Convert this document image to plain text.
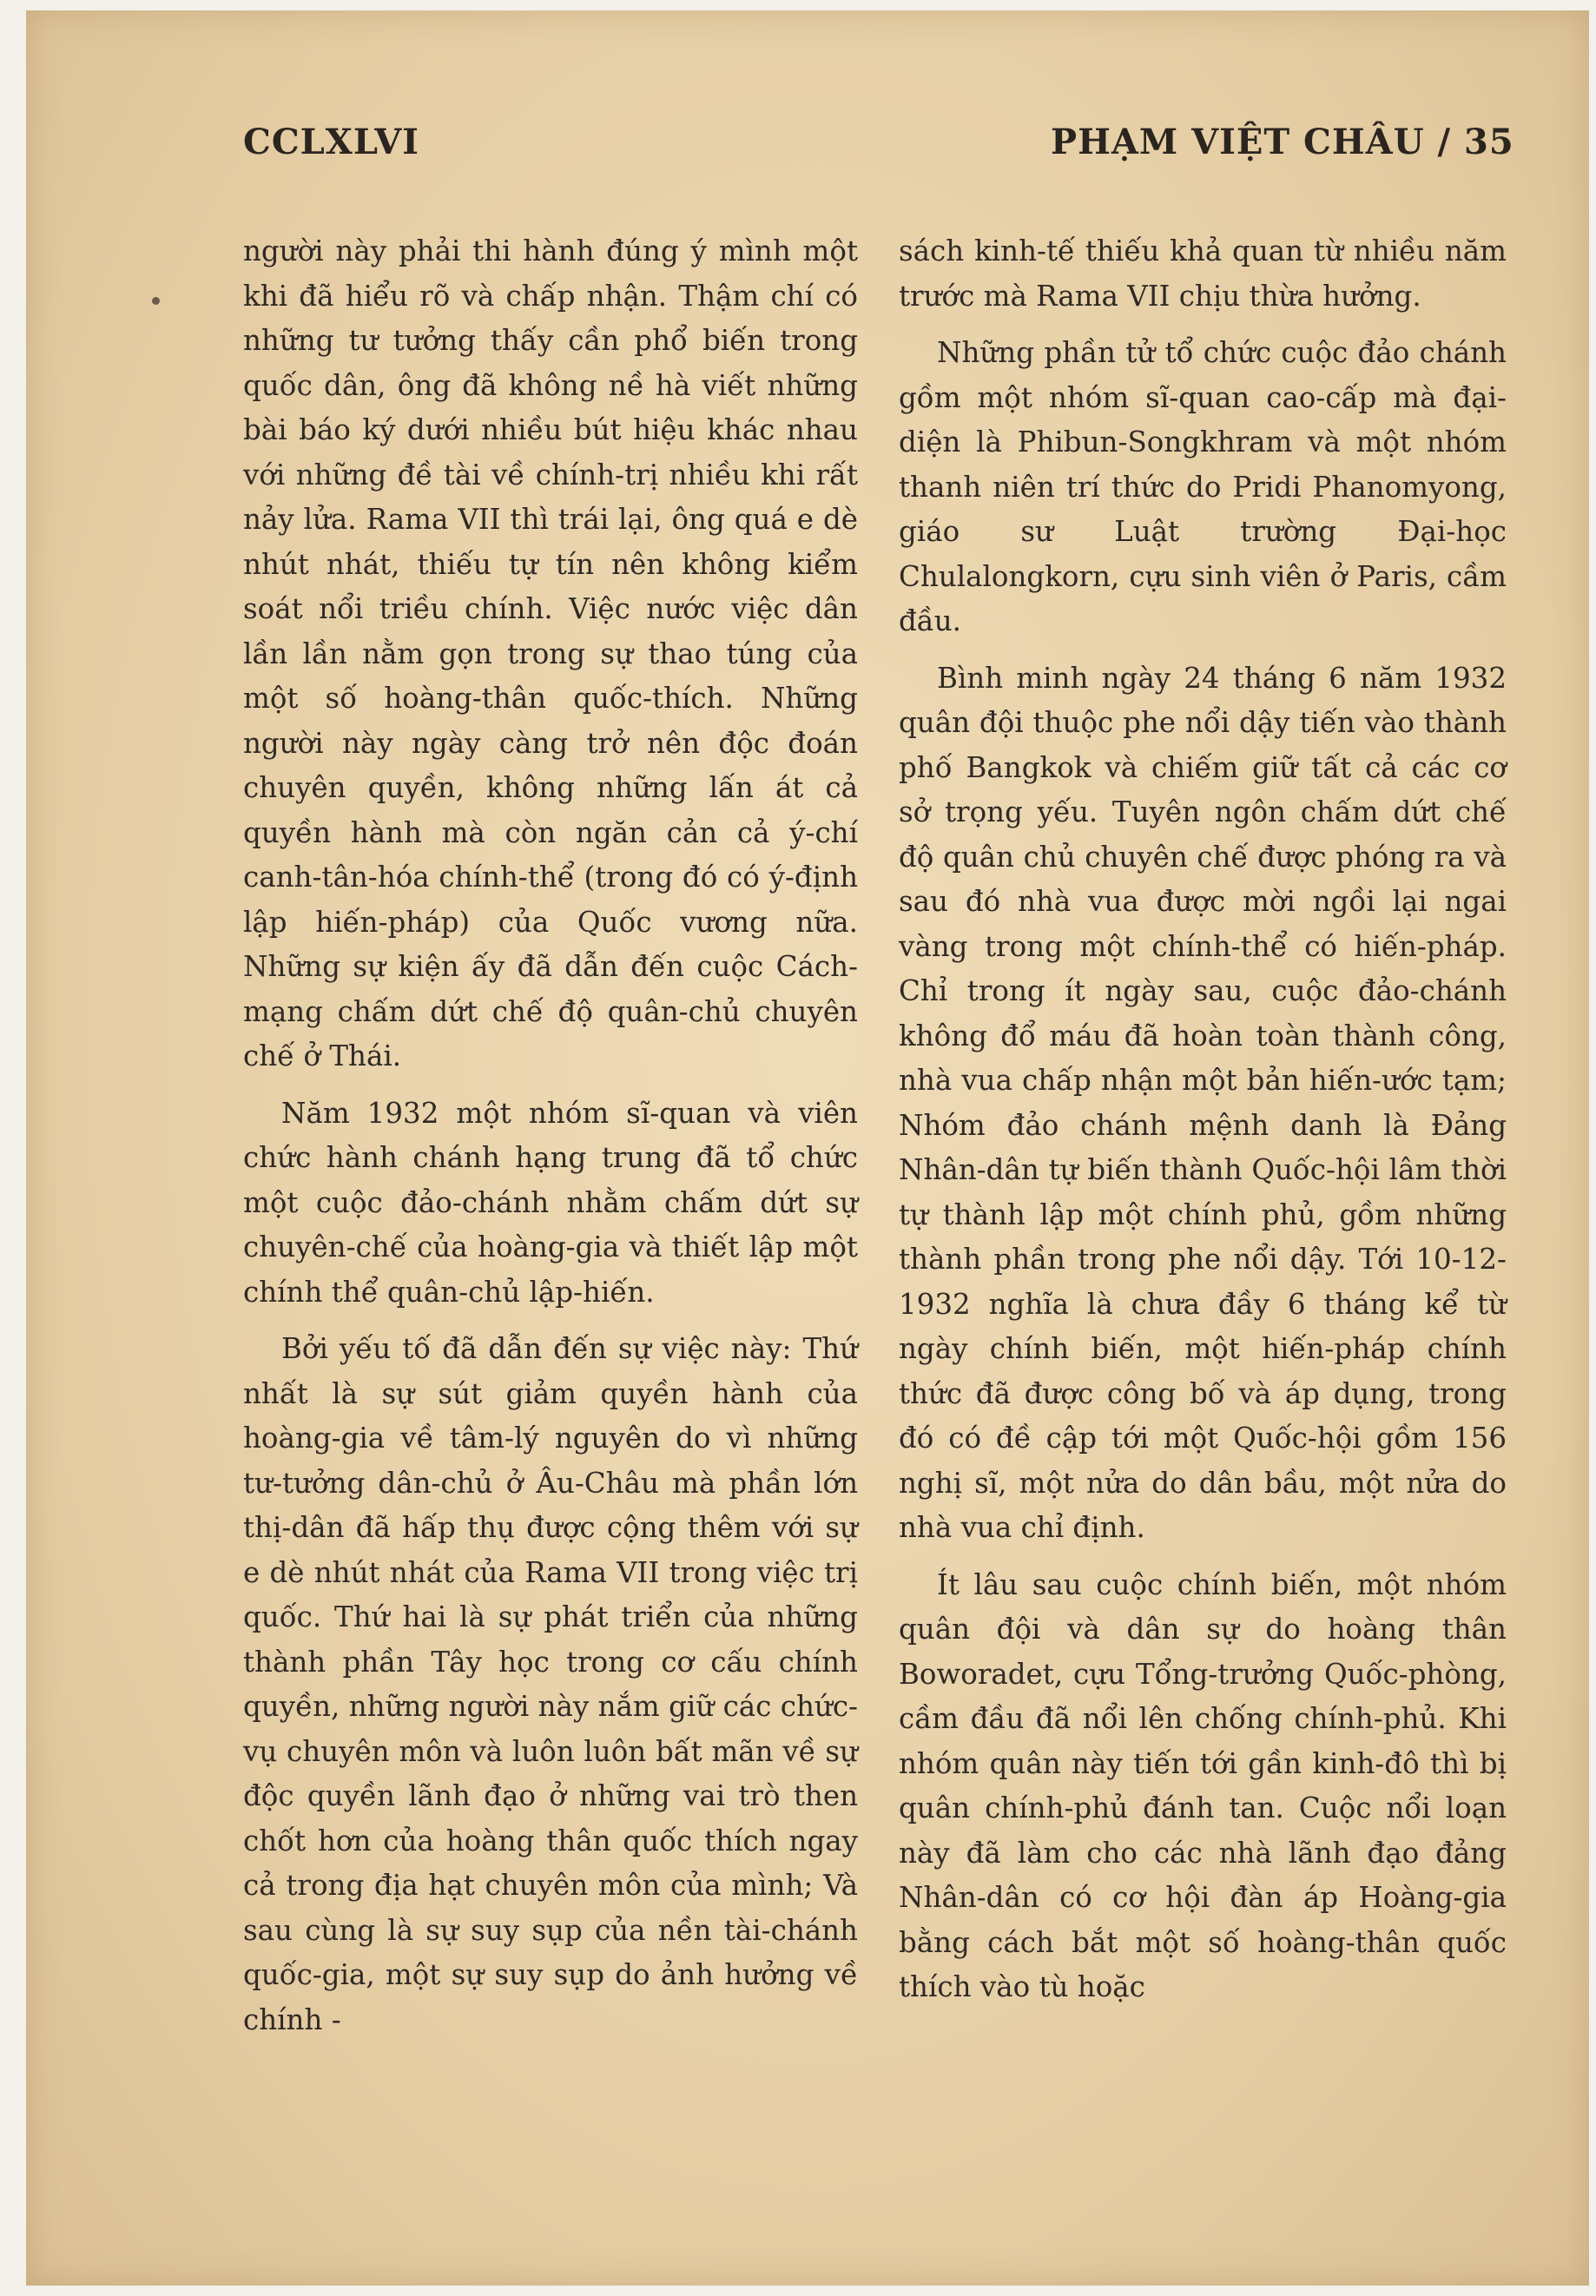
CCLXLVI	PHẠM VIỆT CHÂU / 35

người này phải thi hành đúng ý mình một khi đã hiểu rõ và chấp nhận. Thậm chí có những tư tưởng thấy cần phổ biến trong quốc dân, ông đã không nề hà viết những bài báo ký dưới nhiều bút hiệu khác nhau với những đề tài về chính-trị nhiều khi rất nảy lửa. Rama VII thì trái lại, ông quá e dè nhút nhát, thiếu tự tín nên không kiểm soát nổi triều chính. Việc nước việc dân lần lần nằm gọn trong sự thao túng của một số hoàng-thân quốc-thích. Những người này ngày càng trở nên độc đoán chuyên quyền, không những lấn át cả quyền hành mà còn ngăn cản cả ý-chí canh-tân-hóa chính-thể (trong đó có ý-định lập hiến-pháp) của Quốc vương nữa. Những sự kiện ấy đã dẫn đến cuộc Cách-mạng chấm dứt chế độ quân-chủ chuyên chế ở Thái.

Năm 1932 một nhóm sĩ-quan và viên chức hành chánh hạng trung đã tổ chức một cuộc đảo-chánh nhằm chấm dứt sự chuyên-chế của hoàng-gia và thiết lập một chính thể quân-chủ lập-hiến.

Bởi yếu tố đã dẫn đến sự việc này: Thứ nhất là sự sút giảm quyền hành của hoàng-gia về tâm-lý nguyên do vì những tư-tưởng dân-chủ ở Âu-Châu mà phần lớn thị-dân đã hấp thụ được cộng thêm với sự e dè nhút nhát của Rama VII trong việc trị quốc. Thứ hai là sự phát triển của những thành phần Tây học trong cơ cấu chính quyền, những người này nắm giữ các chức-vụ chuyên môn và luôn luôn bất mãn về sự độc quyền lãnh đạo ở những vai trò then chốt hơn của hoàng thân quốc thích ngay cả trong địa hạt chuyên môn của mình; Và sau cùng là sự suy sụp của nền tài-chánh quốc-gia, một sự suy sụp do ảnh hưởng về chính -

sách kinh-tế thiếu khả quan từ nhiều năm trước mà Rama VII chịu thừa hưởng.

Những phần tử tổ chức cuộc đảo chánh gồm một nhóm sĩ-quan cao-cấp mà đại-diện là Phibun-Songkhram và một nhóm thanh niên trí thức do Pridi Phanomyong, giáo sư Luật trường Đại-học Chulalongkorn, cựu sinh viên ở Paris, cầm đầu.

Bình minh ngày 24 tháng 6 năm 1932 quân đội thuộc phe nổi dậy tiến vào thành phố Bangkok và chiếm giữ tất cả các cơ sở trọng yếu. Tuyên ngôn chấm dứt chế độ quân chủ chuyên chế được phóng ra và sau đó nhà vua được mời ngồi lại ngai vàng trong một chính-thể có hiến-pháp. Chỉ trong ít ngày sau, cuộc đảo-chánh không đổ máu đã hoàn toàn thành công, nhà vua chấp nhận một bản hiến-ước tạm; Nhóm đảo chánh mệnh danh là Đảng Nhân-dân tự biến thành Quốc-hội lâm thời tự thành lập một chính phủ, gồm những thành phần trong phe nổi dậy. Tới 10-12-1932 nghĩa là chưa đầy 6 tháng kể từ ngày chính biến, một hiến-pháp chính thức đã được công bố và áp dụng, trong đó có đề cập tới một Quốc-hội gồm 156 nghị sĩ, một nửa do dân bầu, một nửa do nhà vua chỉ định.

Ít lâu sau cuộc chính biến, một nhóm quân đội và dân sự do hoàng thân Boworadet, cựu Tổng-trưởng Quốc-phòng, cầm đầu đã nổi lên chống chính-phủ. Khi nhóm quân này tiến tới gần kinh-đô thì bị quân chính-phủ đánh tan. Cuộc nổi loạn này đã làm cho các nhà lãnh đạo đảng Nhân-dân có cơ hội đàn áp Hoàng-gia bằng cách bắt một số hoàng-thân quốc thích vào tù hoặc
